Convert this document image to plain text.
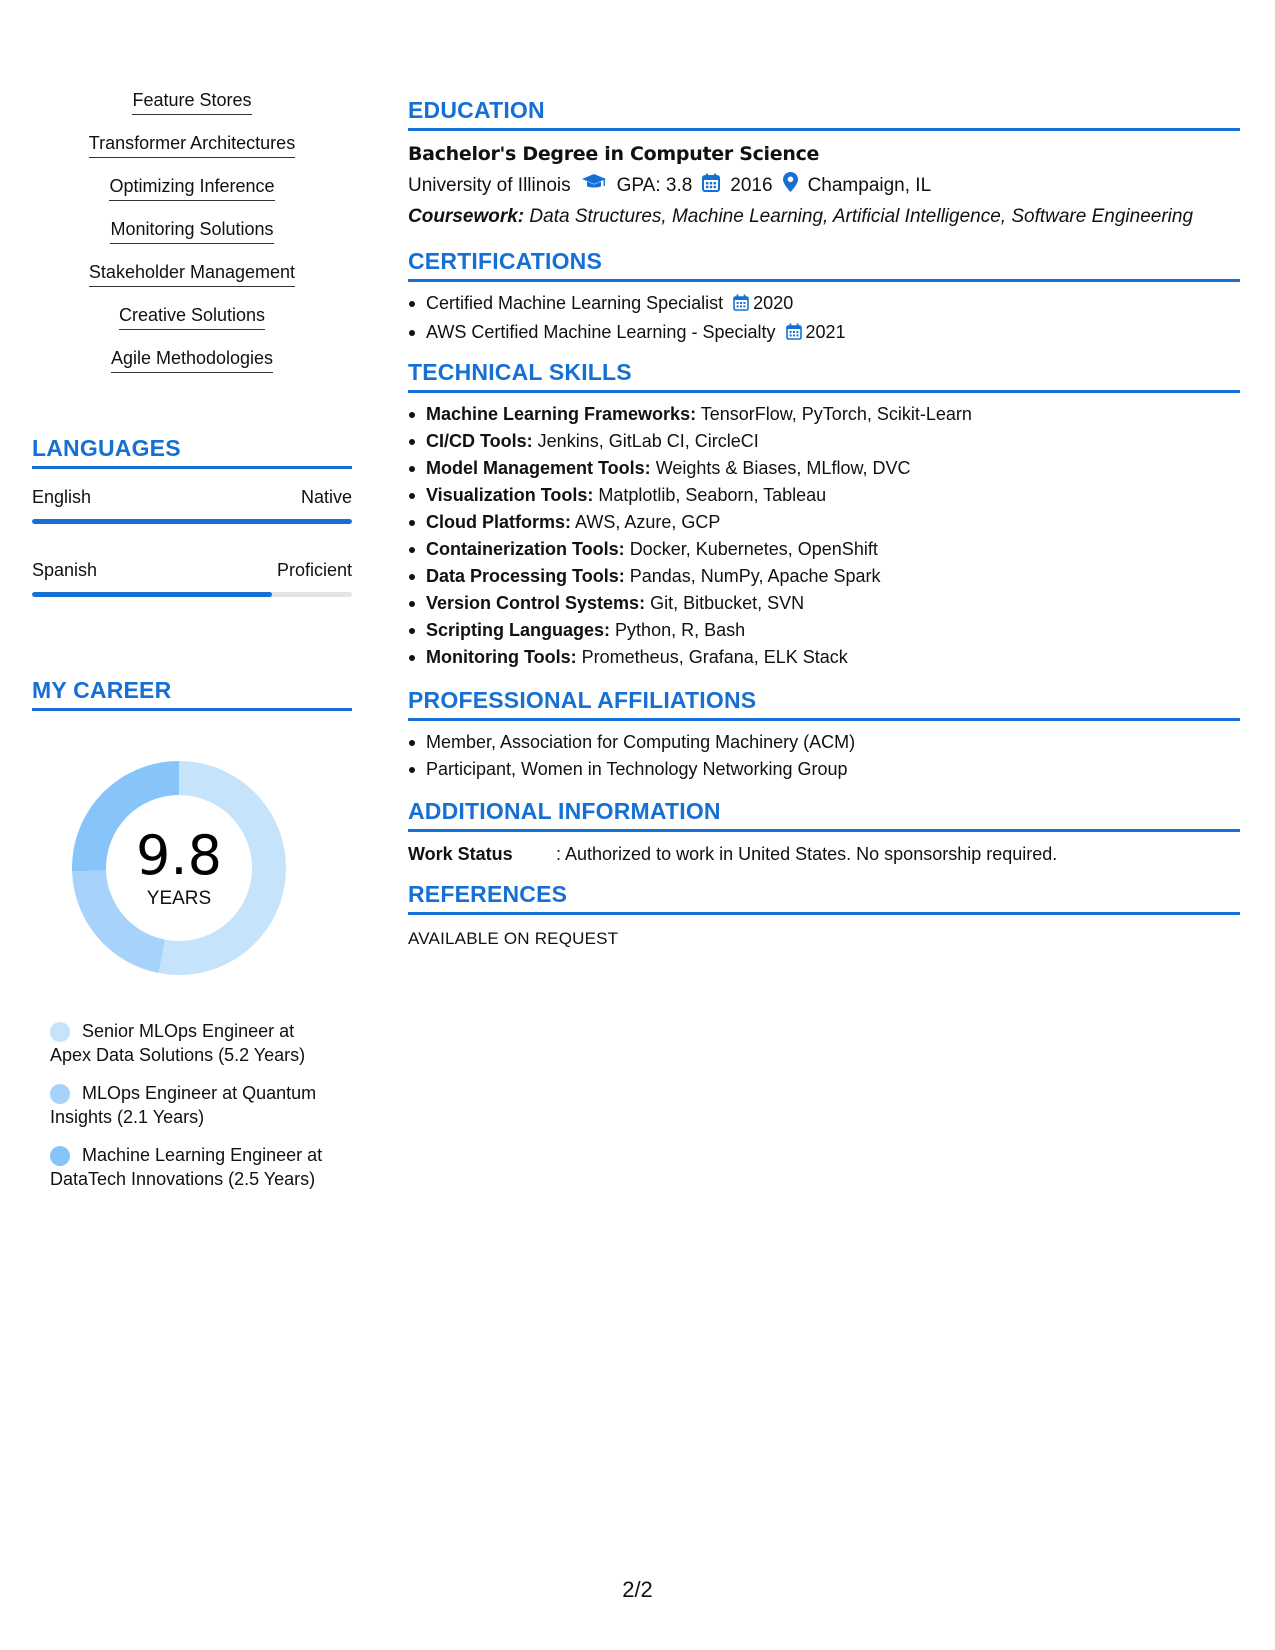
Feature Stores
Transformer Architectures
Optimizing Inference
Monitoring Solutions
Stakeholder Management
Creative Solutions
Agile Methodologies
LANGUAGES
English	Native
Spanish	Proficient
MY CAREER
9.8
YEARS
Senior MLOps Engineer at Apex Data Solutions (5.2 Years)
MLOps Engineer at Quantum Insights (2.1 Years)
Machine Learning Engineer at DataTech Innovations (2.5 Years)
EDUCATION
Bachelor's Degree in Computer Science
University of Illinois GPA: 3.8 2016 Champaign, IL
Coursework: Data Structures, Machine Learning, Artificial Intelligence, Software Engineering
CERTIFICATIONS
Certified Machine Learning Specialist 2020
AWS Certified Machine Learning - Specialty 2021
TECHNICAL SKILLS
Machine Learning Frameworks: TensorFlow, PyTorch, Scikit-Learn
CI/CD Tools: Jenkins, GitLab CI, CircleCI
Model Management Tools: Weights & Biases, MLflow, DVC
Visualization Tools: Matplotlib, Seaborn, Tableau
Cloud Platforms: AWS, Azure, GCP
Containerization Tools: Docker, Kubernetes, OpenShift
Data Processing Tools: Pandas, NumPy, Apache Spark
Version Control Systems: Git, Bitbucket, SVN
Scripting Languages: Python, R, Bash
Monitoring Tools: Prometheus, Grafana, ELK Stack
PROFESSIONAL AFFILIATIONS
Member, Association for Computing Machinery (ACM)
Participant, Women in Technology Networking Group
ADDITIONAL INFORMATION
Work Status	: Authorized to work in United States. No sponsorship required.
REFERENCES
AVAILABLE ON REQUEST
2/2
